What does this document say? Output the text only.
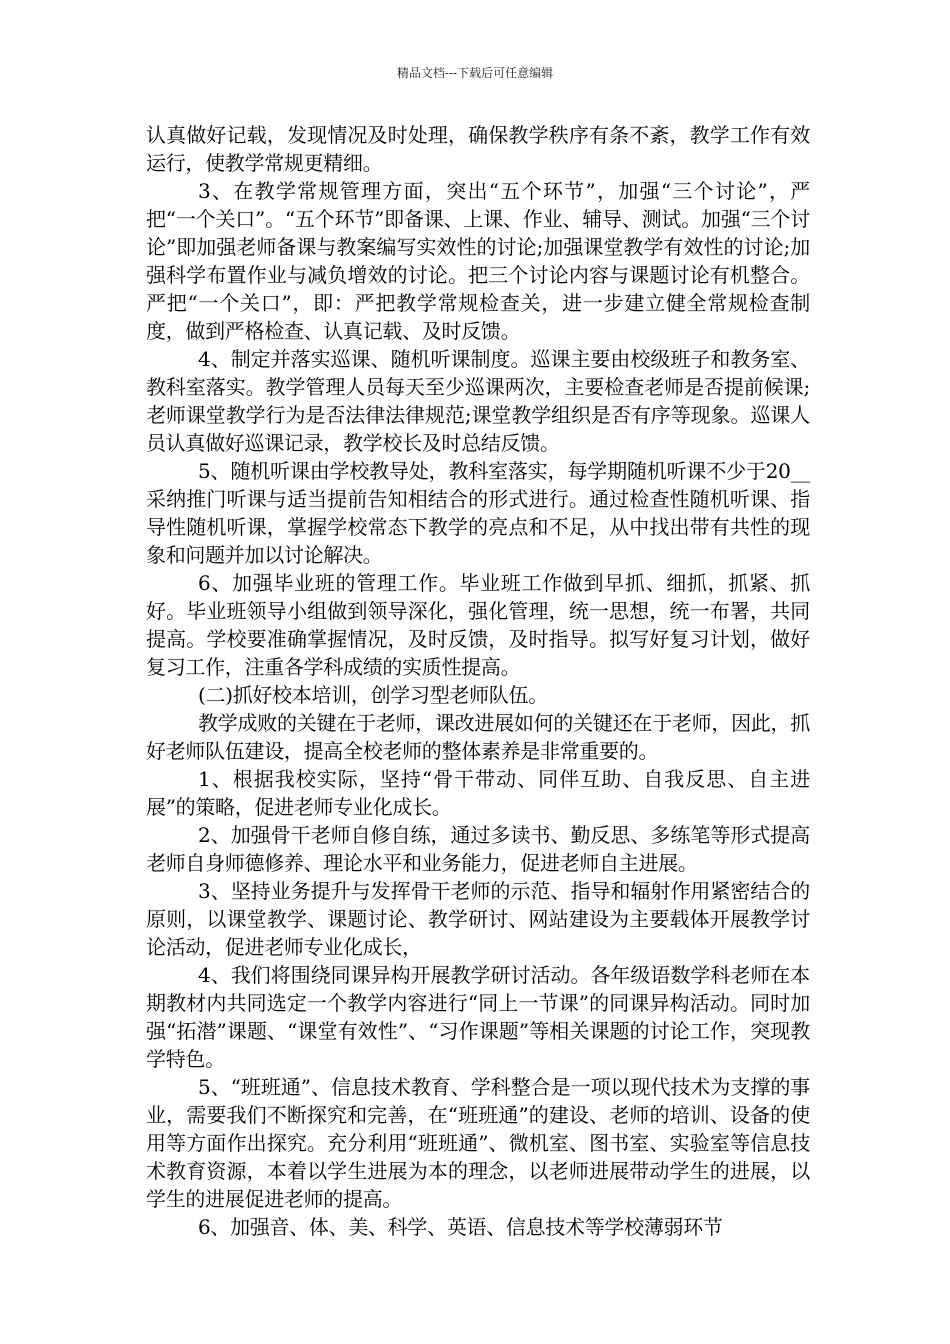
精品文档---下载后可任意编辑

认真做好记载，发现情况及时处理，确保教学秩序有条不紊，教学工作有效运行，使教学常规更精细。

3、在教学常规管理方面，突出“五个环节”，加强“三个讨论”，严把“一个关口”。“五个环节”即备课、上课、作业、辅导、测试。加强“三个讨论”即加强老师备课与教案编写实效性的讨论;加强课堂教学有效性的讨论;加强科学布置作业与减负增效的讨论。把三个讨论内容与课题讨论有机整合。严把“一个关口”，即：严把教学常规检查关，进一步建立健全常规检查制度，做到严格检查、认真记载、及时反馈。

4、制定并落实巡课、随机听课制度。巡课主要由校级班子和教务室、教科室落实。教学管理人员每天至少巡课两次，主要检查老师是否提前候课;老师课堂教学行为是否法律法律规范;课堂教学组织是否有序等现象。巡课人员认真做好巡课记录，教学校长及时总结反馈。

5、随机听课由学校教导处，教科室落实，每学期随机听课不少于20__采纳推门听课与适当提前告知相结合的形式进行。通过检查性随机听课、指导性随机听课，掌握学校常态下教学的亮点和不足，从中找出带有共性的现象和问题并加以讨论解决。

6、加强毕业班的管理工作。毕业班工作做到早抓、细抓，抓紧、抓好。毕业班领导小组做到领导深化，强化管理，统一思想，统一布署，共同提高。学校要准确掌握情况，及时反馈，及时指导。拟写好复习计划，做好复习工作，注重各学科成绩的实质性提高。

(二)抓好校本培训，创学习型老师队伍。

教学成败的关键在于老师，课改进展如何的关键还在于老师，因此，抓好老师队伍建设，提高全校老师的整体素养是非常重要的。

1、根据我校实际，坚持“骨干带动、同伴互助、自我反思、自主进展”的策略，促进老师专业化成长。

2、加强骨干老师自修自练，通过多读书、勤反思、多练笔等形式提高老师自身师德修养、理论水平和业务能力，促进老师自主进展。

3、坚持业务提升与发挥骨干老师的示范、指导和辐射作用紧密结合的原则，以课堂教学、课题讨论、教学研讨、网站建设为主要载体开展教学讨论活动，促进老师专业化成长，

4、我们将围绕同课异构开展教学研讨活动。各年级语数学科老师在本期教材内共同选定一个教学内容进行“同上一节课”的同课异构活动。同时加强“拓潜”课题、“课堂有效性”、“习作课题”等相关课题的讨论工作，突现教学特色。

5、“班班通”、信息技术教育、学科整合是一项以现代技术为支撑的事业，需要我们不断探究和完善，在“班班通”的建设、老师的培训、设备的使用等方面作出探究。充分利用“班班通”、微机室、图书室、实验室等信息技术教育资源，本着以学生进展为本的理念，以老师进展带动学生的进展，以学生的进展促进老师的提高。

6、加强音、体、美、科学、英语、信息技术等学校薄弱环节
